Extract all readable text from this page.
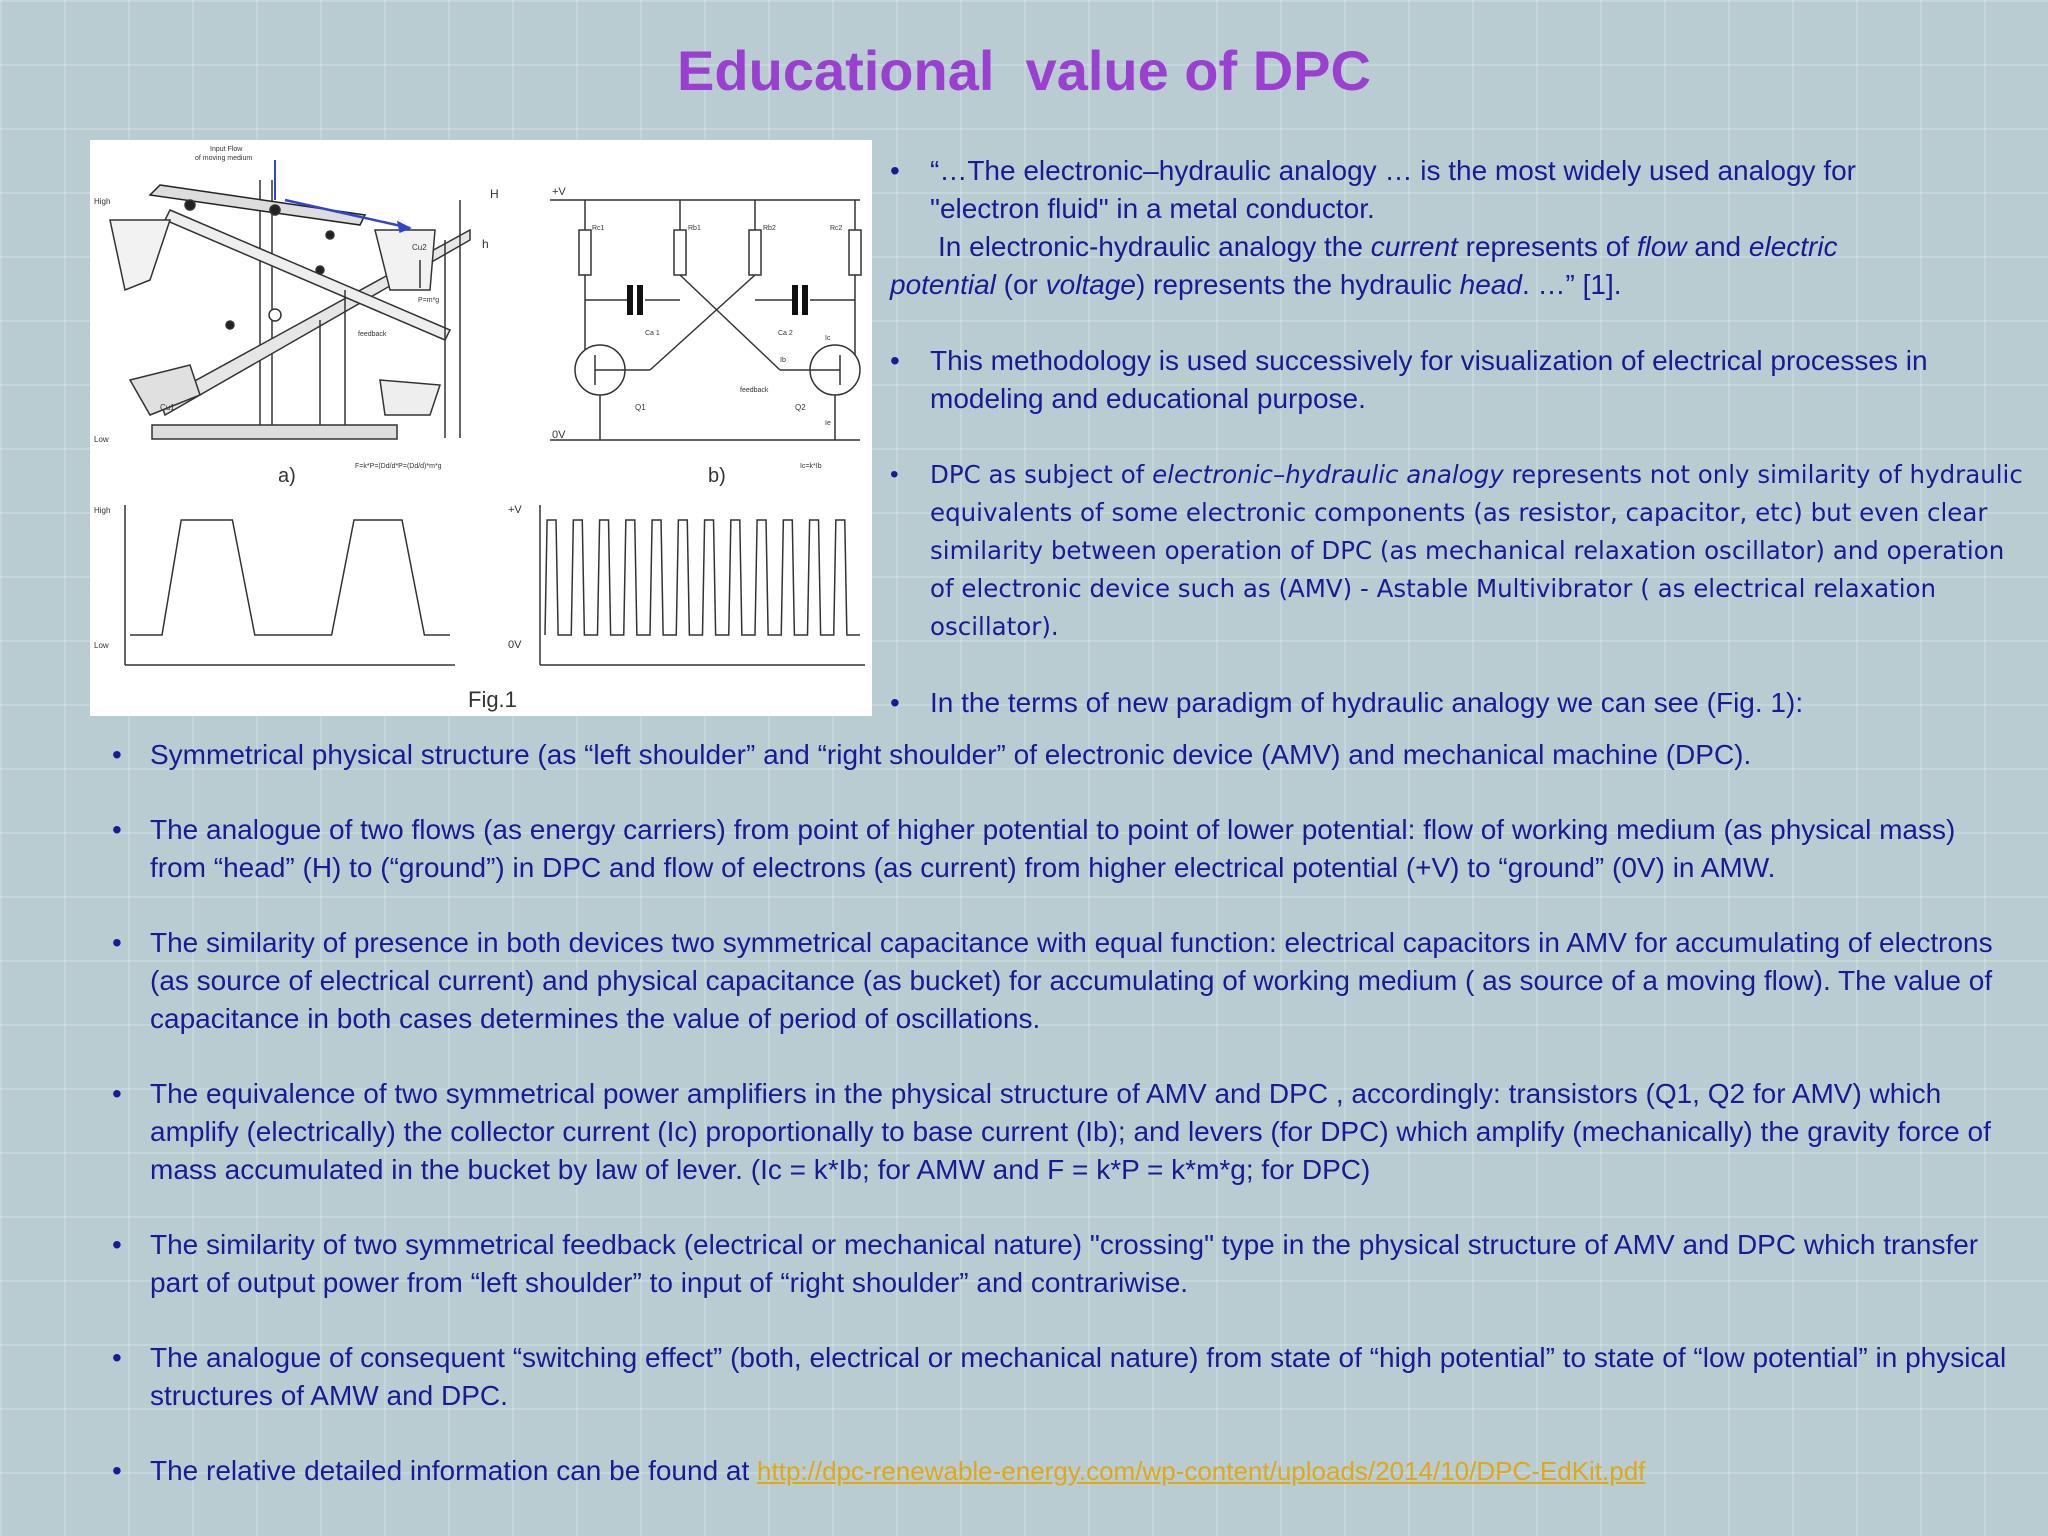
Educational  value of DPC
Input Flow
of moving medium
High
Low
H
h
feedback
P=m*g
Cu1
Cu2
a)	F=k*P=(Dd/d*P=(Dd/d)*m*g
+V
0V
Rc1	Rb1	Rb2	Rc2
Ca 1	Ca 2
Q1	Q2
Ic
Ib
Ie
feedback
b)	Ic=k*Ib
High
Low
+V
0V
Fig.1
• “…The electronic–hydraulic analogy … is the most widely used analogy for
"electron fluid" in a metal conductor.
In electronic-hydraulic analogy the current represents of flow and electric
potential (or voltage) represents the hydraulic head. …” [1].
• This methodology is used successively for visualization of electrical processes in modeling and educational purpose.
• DPC as subject of electronic–hydraulic analogy represents not only similarity of hydraulic equivalents of some electronic components (as resistor, capacitor, etc) but even clear similarity between operation of DPC (as mechanical relaxation oscillator) and operation of electronic device such as (AMV) - Astable Multivibrator ( as electrical relaxation oscillator).
• In the terms of new paradigm of hydraulic analogy we can see (Fig. 1):
• Symmetrical physical structure (as “left shoulder” and “right shoulder” of electronic device (AMV) and mechanical machine (DPC).
• The analogue of two flows (as energy carriers) from point of higher potential to point of lower potential: flow of working medium (as physical mass) from “head” (H) to (“ground”) in DPC and flow of electrons (as current) from higher electrical potential (+V) to “ground” (0V) in AMW.
• The similarity of presence in both devices two symmetrical capacitance with equal function: electrical capacitors in AMV for accumulating of electrons (as source of electrical current) and physical capacitance (as bucket) for accumulating of working medium ( as source of a moving flow). The value of capacitance in both cases determines the value of period of oscillations.
• The equivalence of two symmetrical power amplifiers in the physical structure of AMV and DPC , accordingly: transistors (Q1, Q2 for AMV) which amplify (electrically) the collector current (Ic) proportionally to base current (Ib); and levers (for DPC) which amplify (mechanically) the gravity force of mass accumulated in the bucket by law of lever. (Ic = k*Ib; for AMW and F = k*P = k*m*g; for DPC)
• The similarity of two symmetrical feedback (electrical or mechanical nature) "crossing" type in the physical structure of AMV and DPC which transfer part of output power from “left shoulder” to input of “right shoulder” and contrariwise.
• The analogue of consequent “switching effect” (both, electrical or mechanical nature) from state of “high potential” to state of “low potential” in physical structures of AMW and DPC.
• The relative detailed information can be found at http://dpc-renewable-energy.com/wp-content/uploads/2014/10/DPC-EdKit.pdf
